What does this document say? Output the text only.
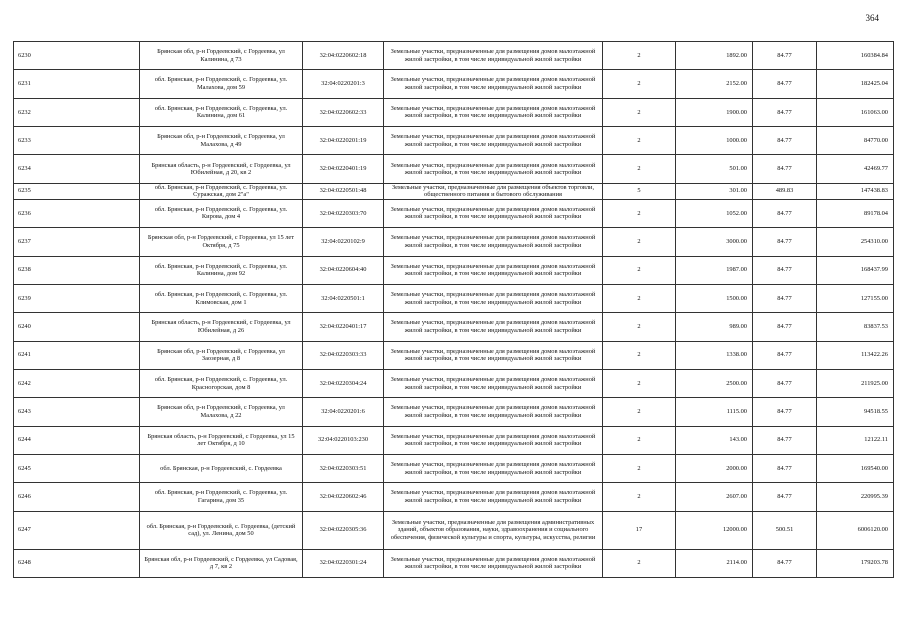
364
6230	Брянская обл, р-н Гордеевский, с Гордеевка, ул Калинина, д 73	32:04:0220602:18	Земельные участки, предназначенные для размещения домов малоэтажной жилой застройки, в том числе индивидуальной жилой застройки	2	1892.00	84.77	160384.84
6231	обл. Брянская, р-н Гордеевский, с. Гордеевка, ул. Малахова, дом 59	32:04:0220201:3	Земельные участки, предназначенные для размещения домов малоэтажной жилой застройки, в том числе индивидуальной жилой застройки	2	2152.00	84.77	182425.04
6232	обл. Брянская, р-н Гордеевский, с. Гордеевка, ул. Калинина, дом 61	32:04:0220602:33	Земельные участки, предназначенные для размещения домов малоэтажной жилой застройки, в том числе индивидуальной жилой застройки	2	1900.00	84.77	161063.00
6233	Брянская обл, р-н Гордеевский, с Гордеевка, ул Малахова, д 49	32:04:0220201:19	Земельные участки, предназначенные для размещения домов малоэтажной жилой застройки, в том числе индивидуальной жилой застройки	2	1000.00	84.77	84770.00
6234	Брянская область, р-н Гордеевский, с Гордеевка, ул Юбилейная, д 20, кв 2	32:04:0220401:19	Земельные участки, предназначенные для размещения домов малоэтажной жилой застройки, в том числе индивидуальной жилой застройки	2	501.00	84.77	42469.77
6235	обл. Брянская, р-н Гордеевский, с. Гордеевка, ул. Суражская, дом 2"а"	32:04:0220501:48	Земельные участки, предназначенные для размещения объектов торговли, общественного питания и бытового обслуживания	5	301.00	489.83	147438.83
6236	обл. Брянская, р-н Гордеевский, с. Гордеевка, ул. Кирова, дом 4	32:04:0220303:70	Земельные участки, предназначенные для размещения домов малоэтажной жилой застройки, в том числе индивидуальной жилой застройки	2	1052.00	84.77	89178.04
6237	Брянская обл, р-н Гордеевский, с Гордеевка, ул 15 лет Октября, д 75	32:04:0220102:9	Земельные участки, предназначенные для размещения домов малоэтажной жилой застройки, в том числе индивидуальной жилой застройки	2	3000.00	84.77	254310.00
6238	обл. Брянская, р-н Гордеевский, с. Гордеевка, ул. Калинина, дом 92	32:04:0220604:40	Земельные участки, предназначенные для размещения домов малоэтажной жилой застройки, в том числе индивидуальной жилой застройки	2	1987.00	84.77	168437.99
6239	обл. Брянская, р-н Гордеевский, с. Гордеевка, ул. Климовская, дом 1	32:04:0220501:1	Земельные участки, предназначенные для размещения домов малоэтажной жилой застройки, в том числе индивидуальной жилой застройки	2	1500.00	84.77	127155.00
6240	Брянская область, р-н Гордеевский, с Гордеевка, ул Юбилейная, д 26	32:04:0220401:17	Земельные участки, предназначенные для размещения домов малоэтажной жилой застройки, в том числе индивидуальной жилой застройки	2	989.00	84.77	83837.53
6241	Брянская обл, р-н Гордеевский, с Гордеевка, ул Заозерная, д 8	32:04:0220303:33	Земельные участки, предназначенные для размещения домов малоэтажной жилой застройки, в том числе индивидуальной жилой застройки	2	1338.00	84.77	113422.26
6242	обл. Брянская, р-н Гордеевский, с. Гордеевка, ул. Красногорская, дом 8	32:04:0220304:24	Земельные участки, предназначенные для размещения домов малоэтажной жилой застройки, в том числе индивидуальной жилой застройки	2	2500.00	84.77	211925.00
6243	Брянская обл, р-н Гордеевский, с Гордеевка, ул Малахова, д 22	32:04:0220201:6	Земельные участки, предназначенные для размещения домов малоэтажной жилой застройки, в том числе индивидуальной жилой застройки	2	1115.00	84.77	94518.55
6244	Брянская область, р-н Гордеевский, с Гордеевка, ул 15 лет Октября, д 10	32:04:0220103:230	Земельные участки, предназначенные для размещения домов малоэтажной жилой застройки, в том числе индивидуальной жилой застройки	2	143.00	84.77	12122.11
6245	обл. Брянская, р-н Гордеевский, с. Гордеевка	32:04:0220303:51	Земельные участки, предназначенные для размещения домов малоэтажной жилой застройки, в том числе индивидуальной жилой застройки	2	2000.00	84.77	169540.00
6246	обл. Брянская, р-н Гордеевский, с. Гордеевка, ул. Гагарина, дом 35	32:04:0220602:46	Земельные участки, предназначенные для размещения домов малоэтажной жилой застройки, в том числе индивидуальной жилой застройки	2	2607.00	84.77	220995.39
6247	обл. Брянская, р-н Гордеевский, с. Гордеевка, (детский сад), ул. Ленина, дом 50	32:04:0220305:36	Земельные участки, предназначенные для размещения административных зданий, объектов образования, науки, здравоохранения и социального обеспечения, физической культуры и спорта, культуры, искусства, религии	17	12000.00	500.51	6006120.00
6248	Брянская обл, р-н Гордеевский, с Гордеевка, ул Садовая, д 7, кв 2	32:04:0220301:24	Земельные участки, предназначенные для размещения домов малоэтажной жилой застройки, в том числе индивидуальной жилой застройки	2	2114.00	84.77	179203.78
